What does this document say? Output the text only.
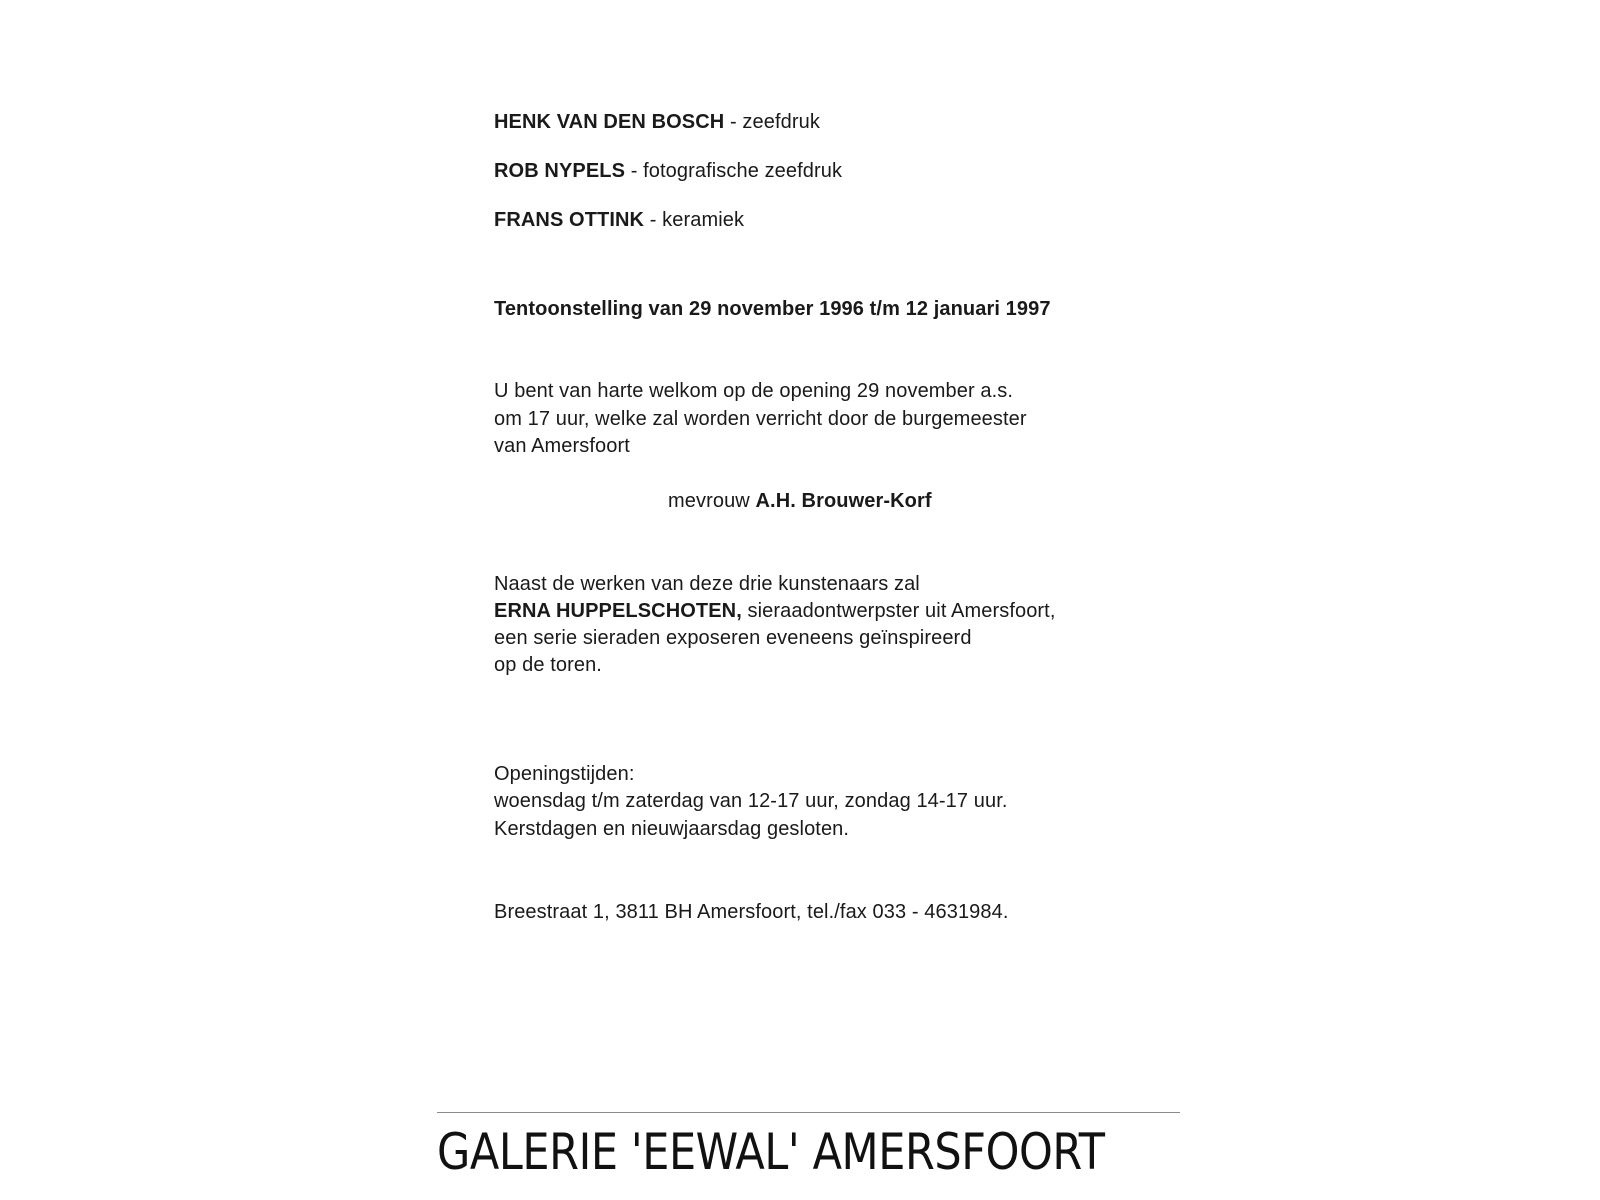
HENK VAN DEN BOSCH - zeefdruk
ROB NYPELS - fotografische zeefdruk
FRANS OTTINK - keramiek
Tentoonstelling van 29 november 1996 t/m 12 januari 1997
U bent van harte welkom op de opening 29 november a.s.
om 17 uur, welke zal worden verricht door de burgemeester
van Amersfoort
mevrouw A.H. Brouwer-Korf
Naast de werken van deze drie kunstenaars zal
ERNA HUPPELSCHOTEN, sieraadontwerpster uit Amersfoort,
een serie sieraden exposeren eveneens geïnspireerd
op de toren.
Openingstijden:
woensdag t/m zaterdag van 12-17 uur, zondag 14-17 uur.
Kerstdagen en nieuwjaarsdag gesloten.
Breestraat 1, 3811 BH Amersfoort, tel./fax 033 - 4631984.
GALERIE 'EEWAL' AMERSFOORT
